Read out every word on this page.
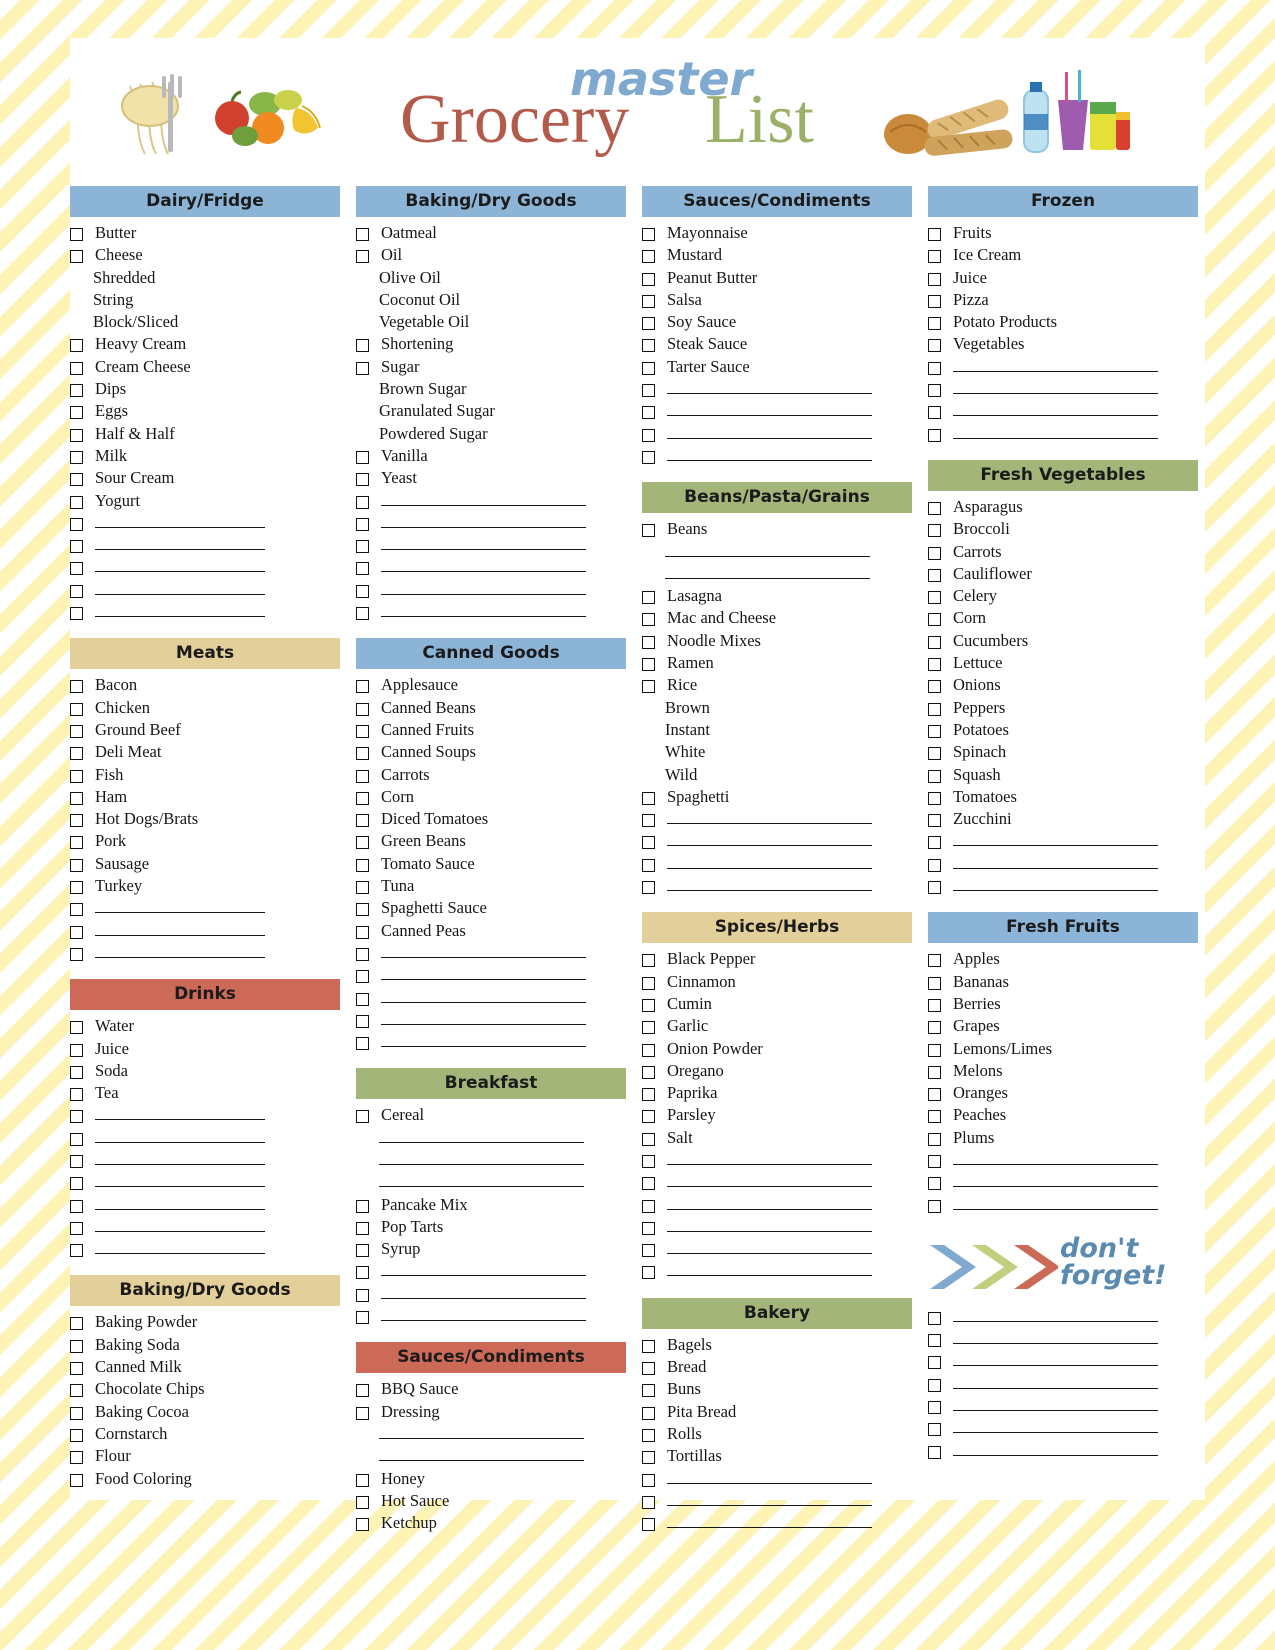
Grocery
master
List
Dairy/Fridge
Butter
Cheese
Shredded
String
Block/Sliced
Heavy Cream
Cream Cheese
Dips
Eggs
Half & Half
Milk
Sour Cream
Yogurt
Meats
Bacon
Chicken
Ground Beef
Deli Meat
Fish
Ham
Hot Dogs/Brats
Pork
Sausage
Turkey
Drinks
Water
Juice
Soda
Tea
Baking/Dry Goods
Baking Powder
Baking Soda
Canned Milk
Chocolate Chips
Baking Cocoa
Cornstarch
Flour
Food Coloring
Baking/Dry Goods
Oatmeal
Oil
Olive Oil
Coconut Oil
Vegetable Oil
Shortening
Sugar
Brown Sugar
Granulated Sugar
Powdered Sugar
Vanilla
Yeast
Canned Goods
Applesauce
Canned Beans
Canned Fruits
Canned Soups
Carrots
Corn
Diced Tomatoes
Green Beans
Tomato Sauce
Tuna
Spaghetti Sauce
Canned Peas
Breakfast
Cereal
Pancake Mix
Pop Tarts
Syrup
Sauces/Condiments
BBQ Sauce
Dressing
Honey
Hot Sauce
Ketchup
Sauces/Condiments
Mayonnaise
Mustard
Peanut Butter
Salsa
Soy Sauce
Steak Sauce
Tarter Sauce
Beans/Pasta/Grains
Beans
Lasagna
Mac and Cheese
Noodle Mixes
Ramen
Rice
Brown
Instant
White
Wild
Spaghetti
Spices/Herbs
Black Pepper
Cinnamon
Cumin
Garlic
Onion Powder
Oregano
Paprika
Parsley
Salt
Bakery
Bagels
Bread
Buns
Pita Bread
Rolls
Tortillas
Frozen
Fruits
Ice Cream
Juice
Pizza
Potato Products
Vegetables
Fresh Vegetables
Asparagus
Broccoli
Carrots
Cauliflower
Celery
Corn
Cucumbers
Lettuce
Onions
Peppers
Potatoes
Spinach
Squash
Tomatoes
Zucchini
Fresh Fruits
Apples
Bananas
Berries
Grapes
Lemons/Limes
Melons
Oranges
Peaches
Plums
don't
forget!
